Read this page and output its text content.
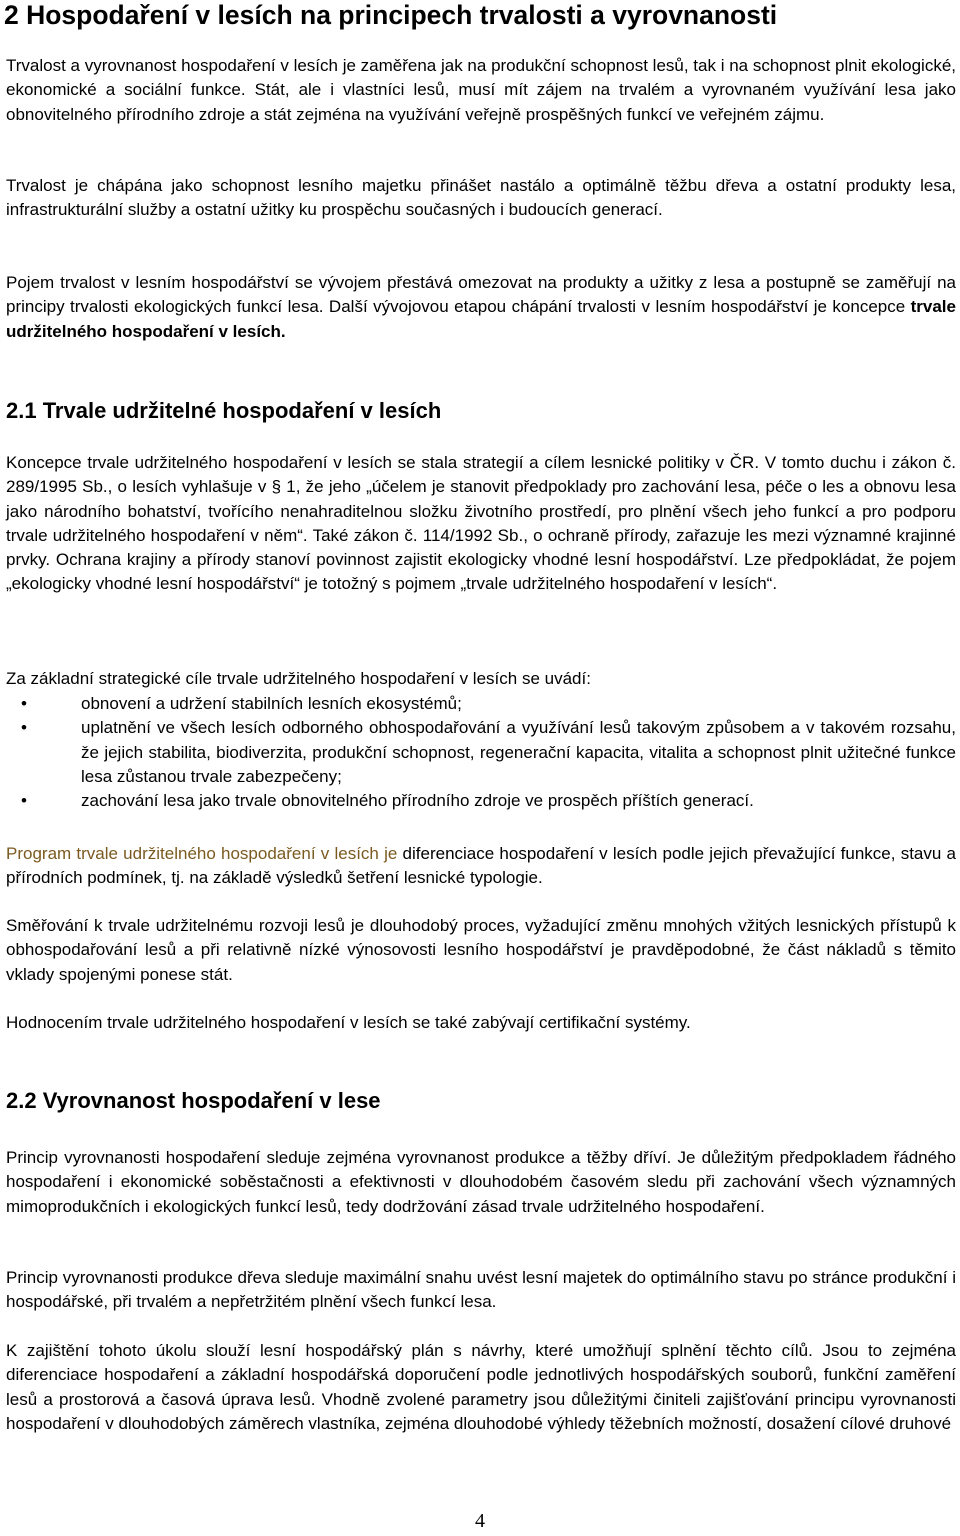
2 Hospodaření v lesích na principech trvalosti a vyrovnanosti

Trvalost a vyrovnanost hospodaření v lesích je zaměřena jak na produkční schopnost lesů, tak i na schopnost plnit ekologické, ekonomické a sociální funkce. Stát, ale i vlastníci lesů, musí mít zájem na trvalém a vyrovnaném využívání lesa jako obnovitelného přírodního zdroje a stát zejména na využívání veřejně prospěšných funkcí ve veřejném zájmu.

Trvalost je chápána jako schopnost lesního majetku přinášet nastálo a optimálně těžbu dřeva a ostatní produkty lesa, infrastrukturální služby a ostatní užitky ku prospěchu současných i budoucích generací.

Pojem trvalost v lesním hospodářství se vývojem přestává omezovat na produkty a užitky z lesa a postupně se zaměřují na principy trvalosti ekologických funkcí lesa. Další vývojovou etapou chápání trvalosti v lesním hospodářství je koncepce trvale udržitelného hospodaření v lesích.

2.1 Trvale udržitelné hospodaření v lesích

Koncepce trvale udržitelného hospodaření v lesích se stala strategií a cílem lesnické politiky v ČR. V tomto duchu i zákon č. 289/1995 Sb., o lesích vyhlašuje v § 1, že jeho „účelem je stanovit předpoklady pro zachování lesa, péče o les a obnovu lesa jako národního bohatství, tvořícího nenahraditelnou složku životního prostředí, pro plnění všech jeho funkcí a pro podporu trvale udržitelného hospodaření v něm“. Také zákon č. 114/1992 Sb., o ochraně přírody, zařazuje les mezi významné krajinné prvky. Ochrana krajiny a přírody stanoví povinnost zajistit ekologicky vhodné lesní hospodářství. Lze předpokládat, že pojem „ekologicky vhodné lesní hospodářství“ je totožný s pojmem „trvale udržitelného hospodaření v lesích“.

Za základní strategické cíle trvale udržitelného hospodaření v lesích se uvádí:

• obnovení a udržení stabilních lesních ekosystémů;
• uplatnění ve všech lesích odborného obhospodařování a využívání lesů takovým způsobem a v takovém rozsahu, že jejich stabilita, biodiverzita, produkční schopnost, regenerační kapacita, vitalita a schopnost plnit užitečné funkce lesa zůstanou trvale zabezpečeny;
• zachování lesa jako trvale obnovitelného přírodního zdroje ve prospěch příštích generací.

Program trvale udržitelného hospodaření v lesích je diferenciace hospodaření v lesích podle jejich převažující funkce, stavu a přírodních podmínek, tj. na základě výsledků šetření lesnické typologie.

Směřování k trvale udržitelnému rozvoji lesů je dlouhodobý proces, vyžadující změnu mnohých vžitých lesnických přístupů k obhospodařování lesů a při relativně nízké výnosovosti lesního hospodářství je pravděpodobné, že část nákladů s těmito vklady spojenými ponese stát.

Hodnocením trvale udržitelného hospodaření v lesích se také zabývají certifikační systémy.

2.2 Vyrovnanost hospodaření v lese

Princip vyrovnanosti hospodaření sleduje zejména vyrovnanost produkce a těžby dříví. Je důležitým předpokladem řádného hospodaření i ekonomické soběstačnosti a efektivnosti v dlouhodobém časovém sledu při zachování všech významných mimoprodukčních i ekologických funkcí lesů, tedy dodržování zásad trvale udržitelného hospodaření.

Princip vyrovnanosti produkce dřeva sleduje maximální snahu uvést lesní majetek do optimálního stavu po stránce produkční i hospodářské, při trvalém a nepřetržitém plnění všech funkcí lesa.

K zajištění tohoto úkolu slouží lesní hospodářský plán s návrhy, které umožňují splnění těchto cílů. Jsou to zejména diferenciace hospodaření a základní hospodářská doporučení podle jednotlivých hospodářských souborů, funkční zaměření lesů a prostorová a časová úprava lesů. Vhodně zvolené parametry jsou důležitými činiteli zajišťování principu vyrovnanosti hospodaření v dlouhodobých záměrech vlastníka, zejména dlouhodobé výhledy těžebních možností, dosažení cílové druhové

4
